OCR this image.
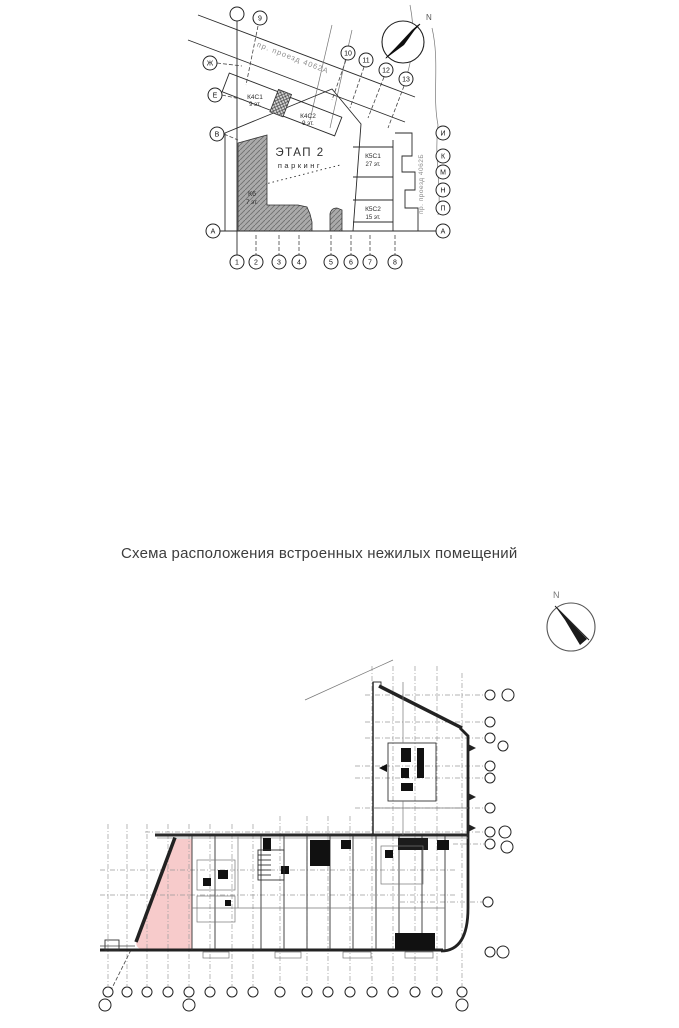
пр. проезд 4062А
К4С1
9 эт.
К4С2
9 эт.
К5С1
27 эт.
К5С2
15 эт.
К6
7 эт.
ЭТАП 2
паркинг	пр. проезд 4062Б
N
9
10
11
12
13
Ж
Е
В
А
И
К
М
Н
П
А
1 2	3 4	5 6 7	8
Схема расположения встроенных нежилых помещений
N
